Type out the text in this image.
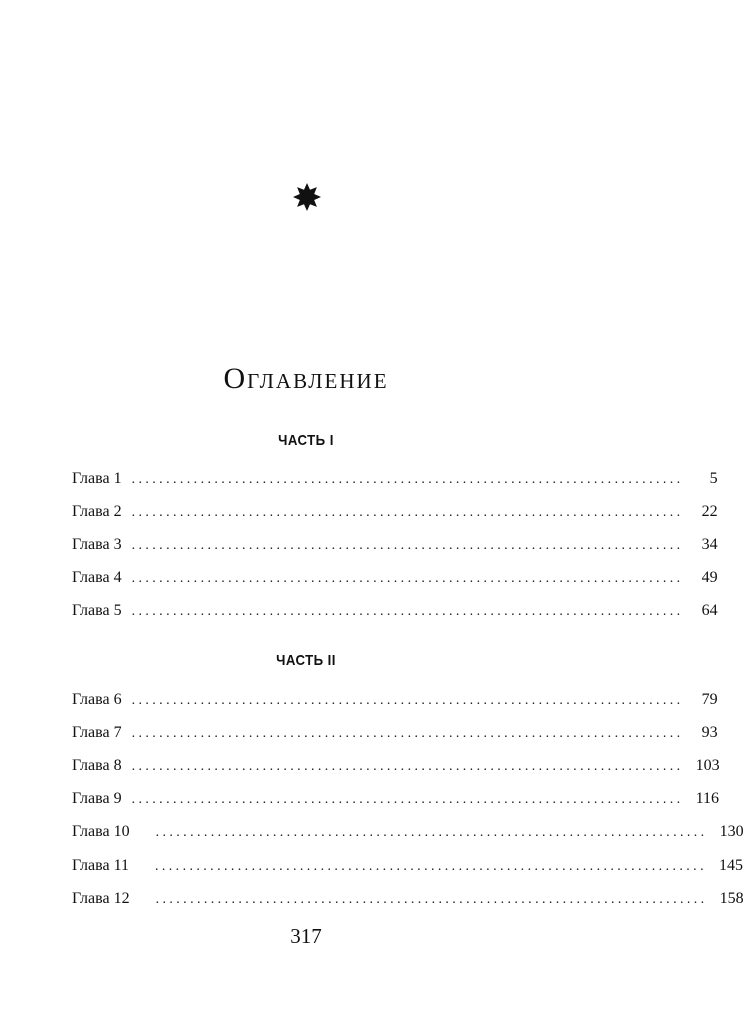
Оглавление
ЧАСТЬ I
Глава 1 ................................................................................	5
Глава 2 ................................................................................	22
Глава 3 ................................................................................	34
Глава 4 ................................................................................	49
Глава 5 ................................................................................	64
ЧАСТЬ II
Глава 6 ................................................................................	79
Глава 7 ................................................................................	93
Глава 8 ................................................................................ 103
Глава 9 ................................................................................ 116
Глава 10 ................................................................................ 130
Глава 11 ................................................................................ 145
Глава 12 ................................................................................ 158
317
